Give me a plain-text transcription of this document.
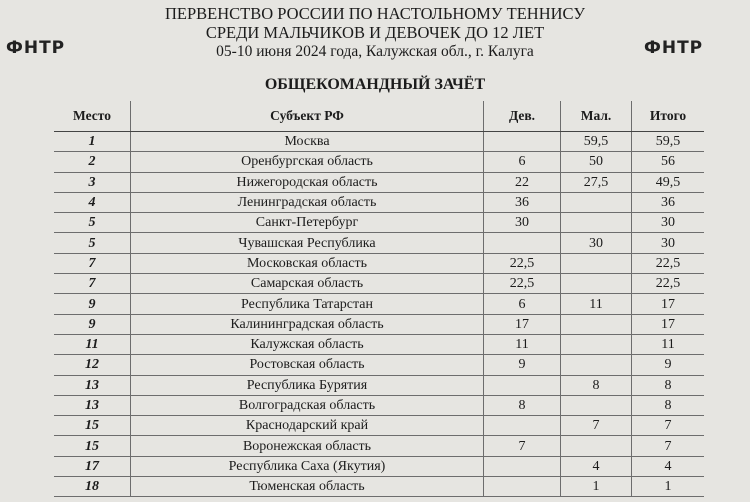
ФНТР	ФНТР
ПЕРВЕНСТВО РОССИИ ПО НАСТОЛЬНОМУ ТЕННИСУ
СРЕДИ МАЛЬЧИКОВ И ДЕВОЧЕК ДО 12 ЛЕТ
05-10 июня 2024 года, Калужская обл., г. Калуга
ОБЩЕКОМАНДНЫЙ ЗАЧЁТ
Место	Субъект РФ	Дев.	Мал.	Итого
1	Москва		59,5	59,5
2	Оренбургская область	6	50	56
3	Нижегородская область	22	27,5	49,5
4	Ленинградская область	36		36
5	Санкт-Петербург	30		30
5	Чувашская Республика		30	30
7	Московская область	22,5		22,5
7	Самарская область	22,5		22,5
9	Республика Татарстан	6	11	17
9	Калининградская область	17		17
11	Калужская область	11		11
12	Ростовская область	9		9
13	Республика Бурятия		8	8
13	Волгоградская область	8		8
15	Краснодарский край		7	7
15	Воронежская область	7		7
17	Республика Саха (Якутия)		4	4
18	Тюменская область		1	1
